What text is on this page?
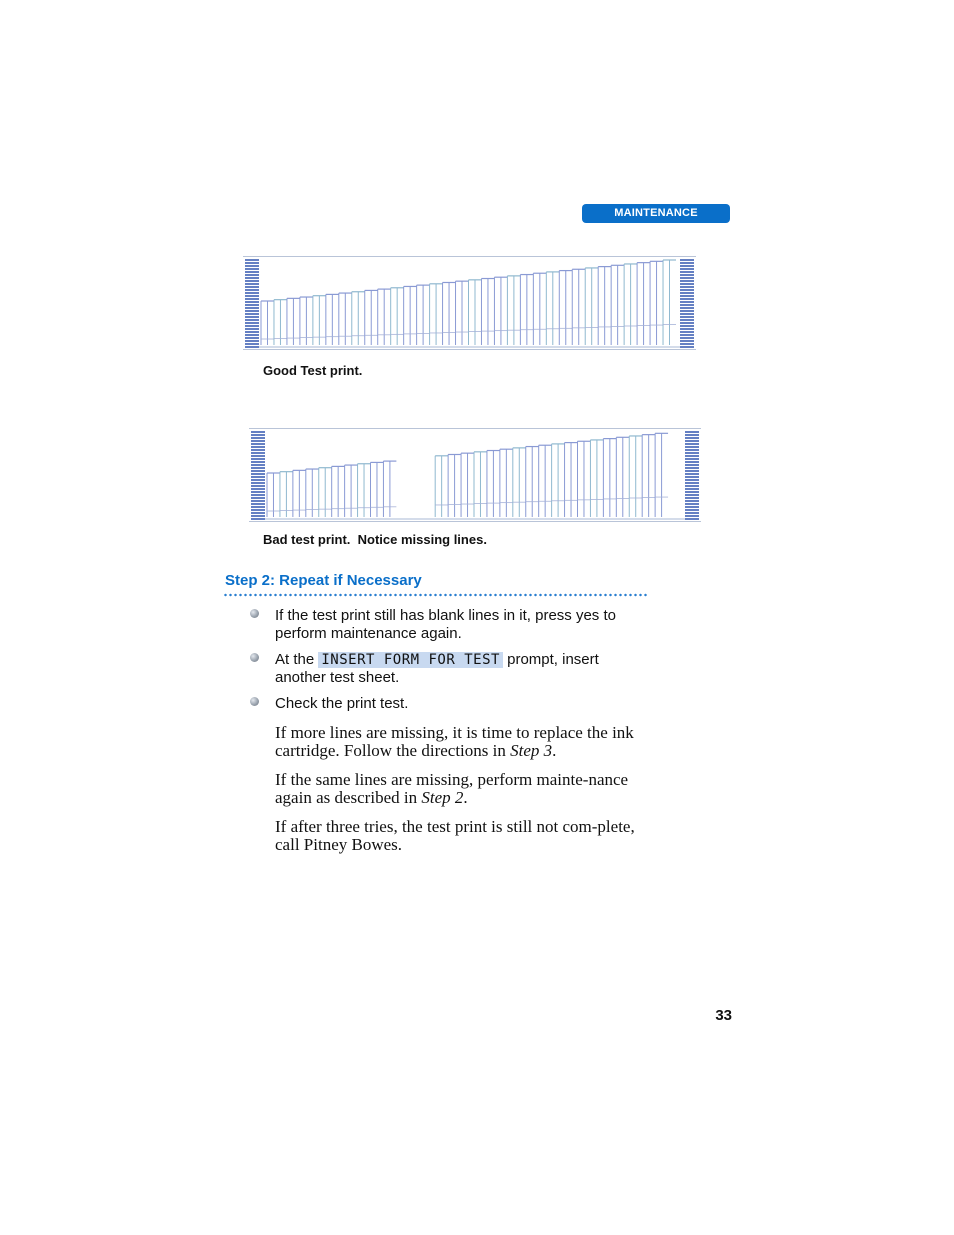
MAINTENANCE
Good Test print.
Bad test print.  Notice missing lines.
Step 2: Repeat if Necessary
If the test print still has blank lines in it, press yes to perform maintenance again.
At the INSERT FORM FOR TEST prompt, insert another test sheet.
Check the print test.
If more lines are missing, it is time to replace the ink cartridge. Follow the directions in Step 3.
If the same lines are missing, perform mainte-nance again as described in Step 2.
If after three tries, the test print is still not com-plete, call Pitney Bowes.
33
